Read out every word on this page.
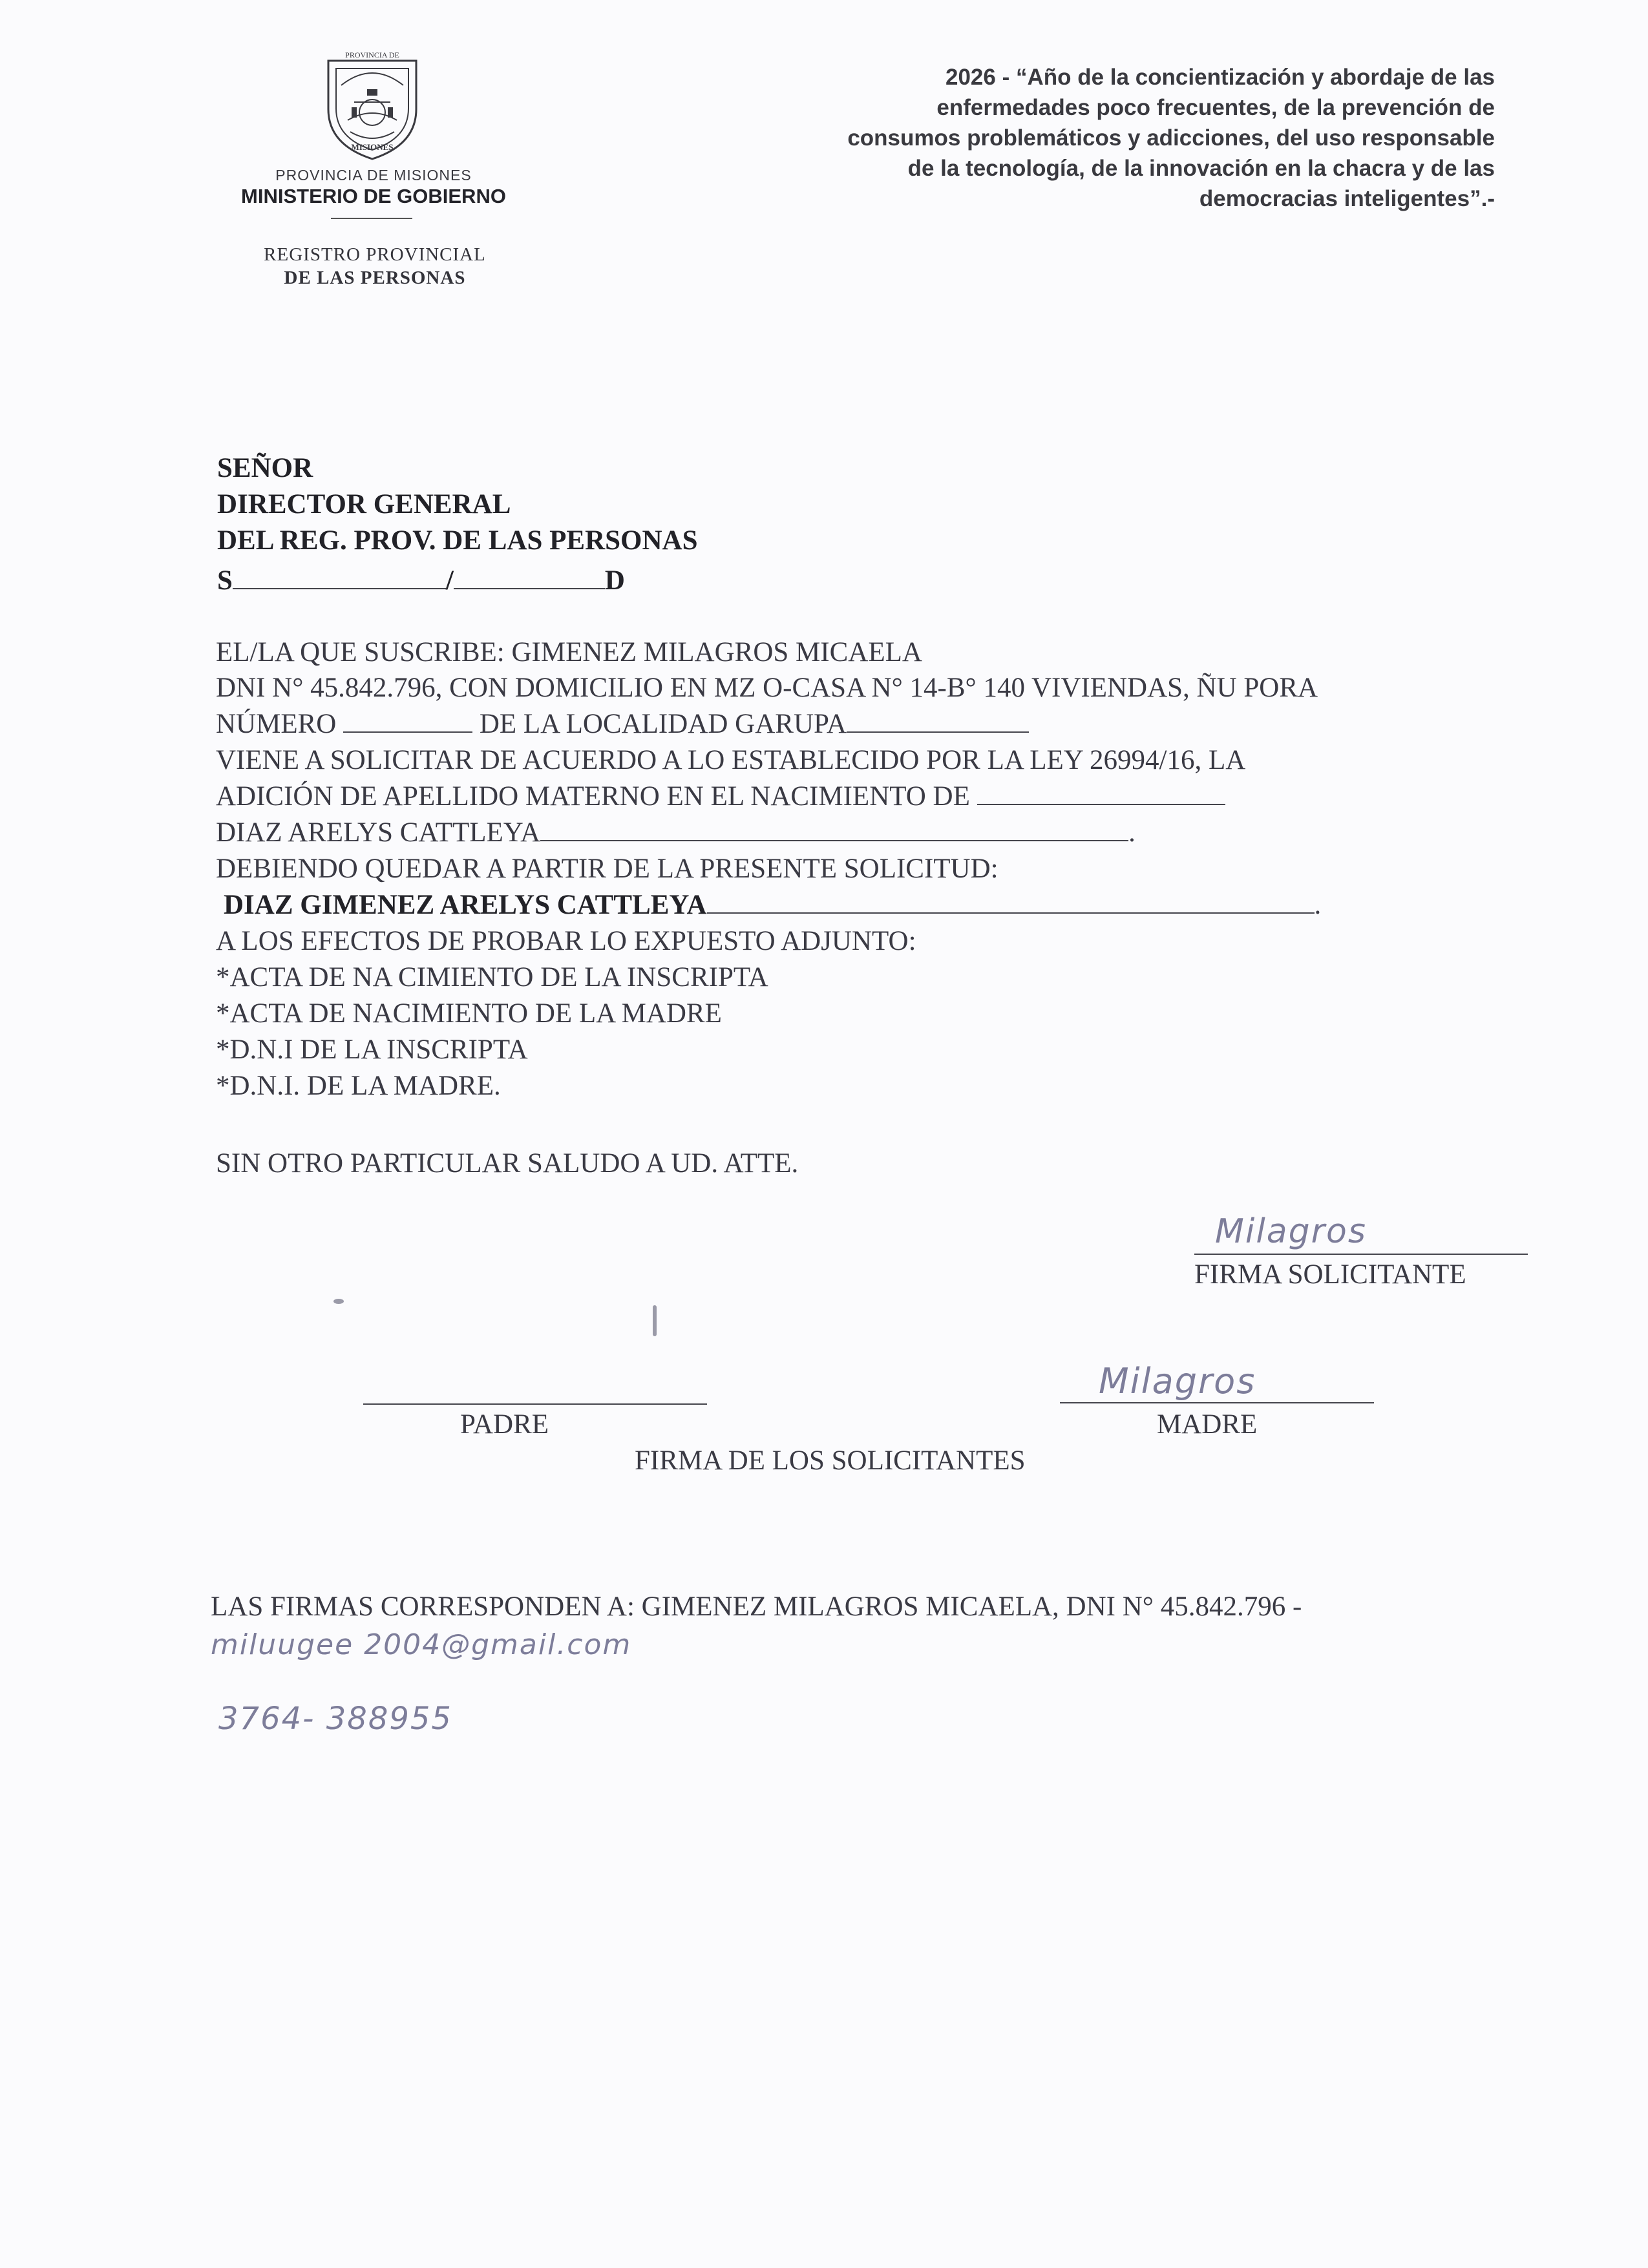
PROVINCIA DE
MISIONES
PROVINCIA DE MISIONES
MINISTERIO DE GOBIERNO
REGISTRO PROVINCIAL
DE LAS PERSONAS
2026 - “Año de la concientización y abordaje de las
enfermedades poco frecuentes, de la prevención de
consumos problemáticos y adicciones, del uso responsable
de la tecnología, de la innovación en la chacra y de las
democracias inteligentes”.-
SEÑOR
DIRECTOR GENERAL
DEL REG. PROV. DE LAS PERSONAS
S	/	D
EL/LA QUE SUSCRIBE: GIMENEZ MILAGROS MICAELA
DNI N° 45.842.796, CON DOMICILIO EN MZ O-CASA N° 14-B° 140 VIVIENDAS, ÑU PORA
NÚMERO	DE LA LOCALIDAD GARUPA
VIENE A SOLICITAR DE ACUERDO A LO ESTABLECIDO POR LA LEY 26994/16, LA
ADICIÓN DE APELLIDO MATERNO EN EL NACIMIENTO DE
DIAZ ARELYS CATTLEYA	.
DEBIENDO QUEDAR A PARTIR DE LA PRESENTE SOLICITUD:
DIAZ GIMENEZ ARELYS CATTLEYA	.
A LOS EFECTOS DE PROBAR LO EXPUESTO ADJUNTO:
*ACTA DE NA CIMIENTO DE LA INSCRIPTA
*ACTA DE NACIMIENTO DE LA MADRE
*D.N.I DE LA INSCRIPTA
*D.N.I. DE LA MADRE.
SIN OTRO PARTICULAR SALUDO A UD. ATTE.
Milagros
FIRMA SOLICITANTE
PADRE
Milagros
MADRE
FIRMA DE LOS SOLICITANTES
LAS FIRMAS CORRESPONDEN A: GIMENEZ MILAGROS MICAELA, DNI N° 45.842.796 -
miluugee 2004@gmail.com
3764- 388955
